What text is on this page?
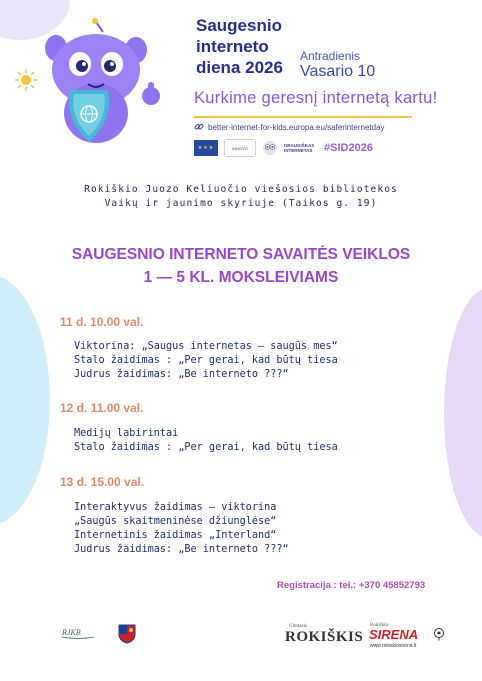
Saugesnio
interneto
diena 2026
Antradienis
Vasario 10
Kurkime geresnį internetą kartu!
better-internet-for-kids.europa.eu/saferinternetday
★★★	INNOVO	DRAUGIŠKAS INTERNETAS	#SID2026
Rokiškio Juozo Keliuočio viešosios bibliotekos
Vaikų ir jaunimo skyriuje (Taikos g. 19)
SAUGESNIO INTERNETO SAVAITĖS VEIKLOS
1 — 5 KL. MOKSLEIVIAMS
11 d. 10.00 val.
Viktorina: „Saugus internetas — saugūs mes“
Stalo žaidimas : „Per gerai, kad būtų tiesa
Judrus žaidimas: „Be interneto ???“
12 d. 11.00 val.
Medijų labirintai
Stalo žaidimas : „Per gerai, kad būtų tiesa
13 d. 15.00 val.
Interaktyvus žaidimas — viktorina
„Saugūs skaitmeninėse džiunglėse“
Internetinis žaidimas „Interland“
Judrus žaidimas: „Be interneto ???“
Registracija : tel.: +370 45852793
RJKB
Gimtasis
ROKIŠKIS
Rokiškio
SIRENA
www.rokiskiosirena.lt
